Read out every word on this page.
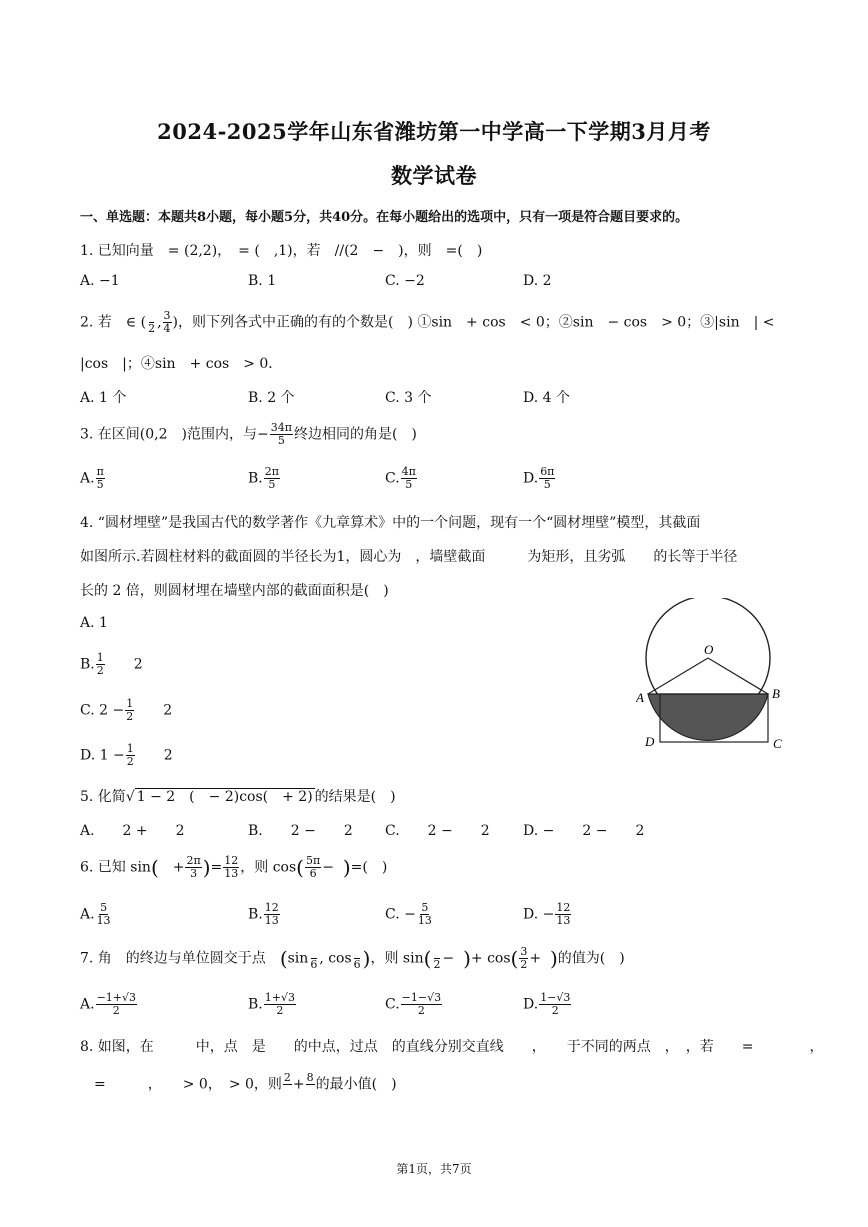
2024-2025学年山东省潍坊第一中学高一下学期3月月考
数学试卷
一、单选题：本题共8小题，每小题5分，共40分。在每小题给出的选项中，只有一项是符合题目要求的。
1. 已知向量　= (2,2)，　= (　,1)，若　//(2　−　)，则　=(　)
A. −1	B. 1	C. −2	D. 2
2. 若　∈ (
2 , $\frac{3}{4}$ )，则下列各式中正确的有的个数是(　) ①sin　+ cos　< 0；②sin　− cos　> 0；③|sin　| <
|cos　|；④sin　+ cos　> 0．
A. 1 个	B. 2 个	C. 3 个	D. 4 个
3. 在区间(0,2　)范围内，与− $\frac{34\pi}{5}$ 终边相同的角是(　)
A. $\frac{\pi}{5}$	B. $\frac{2\pi}{5}$	C. $\frac{4\pi}{5}$	D. $\frac{6\pi}{5}$
4. “圆材埋壁”是我国古代的数学著作《九章算术》中的一个问题，现有一个“圆材埋壁”模型，其截面
如图所示.若圆柱材料的截面圆的半径长为1，圆心为　，墙壁截面　　　为矩形，且劣弧　　的长等于半径
长的 2 倍，则圆材埋在墙壁内部的截面面积是(　)
A. 1
B. $\frac{1}{2}$ 　　2
C. $2 - \frac{1}{2}$ 　　2
D. $1 - \frac{1}{2}$ 　　2
O
A	B
C
D
5. 化简√ 1 − 2　(　− 2)cos(　+ 2) 的结果是(　)
A.　　2 +　　2	B.　　2 −　　2 C.　　2 −　　2 D. −　　2 −　　2
6. 已知 sin(　+ $\frac{2\pi}{3}$ )= $\frac{12}{13}$ ，则 $\cos( \frac{5\pi}{6}$ − )=(　)
A. $\frac{5}{13}$	B. $\frac{12}{13}$	C. − $\frac{5}{13}$	D. − $\frac{12}{13}$
7. 角　的终边与单位圆交于点　(sin
6 , cos
6 )，则 sin(
2 − )+ $\cos( \frac{3}{2}$ + )的值为(　)
A. $\frac{-1+√3}{2}$	B. $\frac{1+√3}{2}$	C. $\frac{-1-√3}{2}$	D. $\frac{1-√3}{2}$
8. 如图，在　　　中，点　是　　的中点，过点　的直线分别交直线　　，　　于不同的两点　，　，若　　=　　　　，
　=　　　，　　> 0，　> 0，则 2
+ 8
的最小值(　)
第1页，共7页
